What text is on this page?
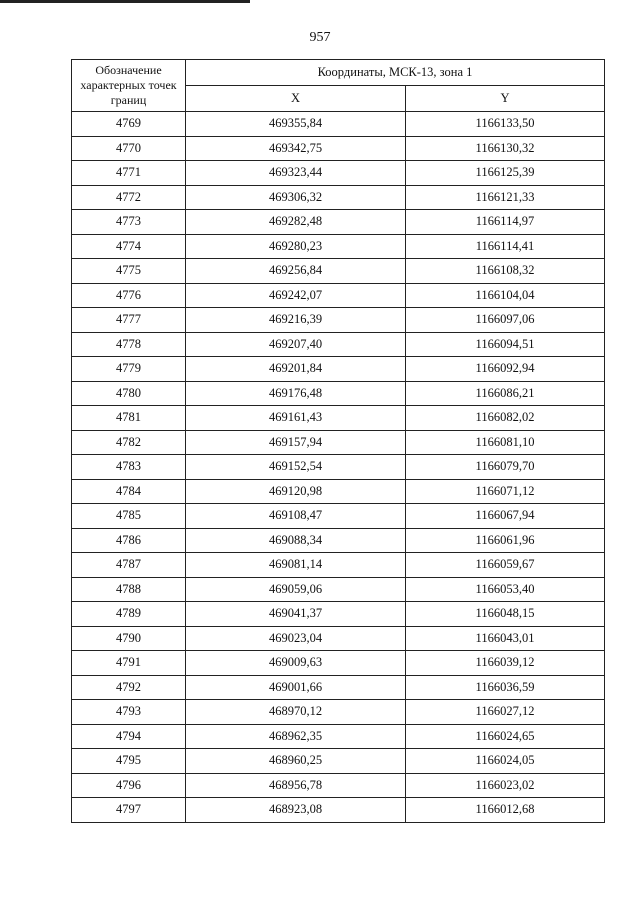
957
Обозначение характерных точек границ	Координаты, МСК-13, зона 1	
	X	Y
4769	469355,84	1166133,50
4770	469342,75	1166130,32
4771	469323,44	1166125,39
4772	469306,32	1166121,33
4773	469282,48	1166114,97
4774	469280,23	1166114,41
4775	469256,84	1166108,32
4776	469242,07	1166104,04
4777	469216,39	1166097,06
4778	469207,40	1166094,51
4779	469201,84	1166092,94
4780	469176,48	1166086,21
4781	469161,43	1166082,02
4782	469157,94	1166081,10
4783	469152,54	1166079,70
4784	469120,98	1166071,12
4785	469108,47	1166067,94
4786	469088,34	1166061,96
4787	469081,14	1166059,67
4788	469059,06	1166053,40
4789	469041,37	1166048,15
4790	469023,04	1166043,01
4791	469009,63	1166039,12
4792	469001,66	1166036,59
4793	468970,12	1166027,12
4794	468962,35	1166024,65
4795	468960,25	1166024,05
4796	468956,78	1166023,02
4797	468923,08	1166012,68
